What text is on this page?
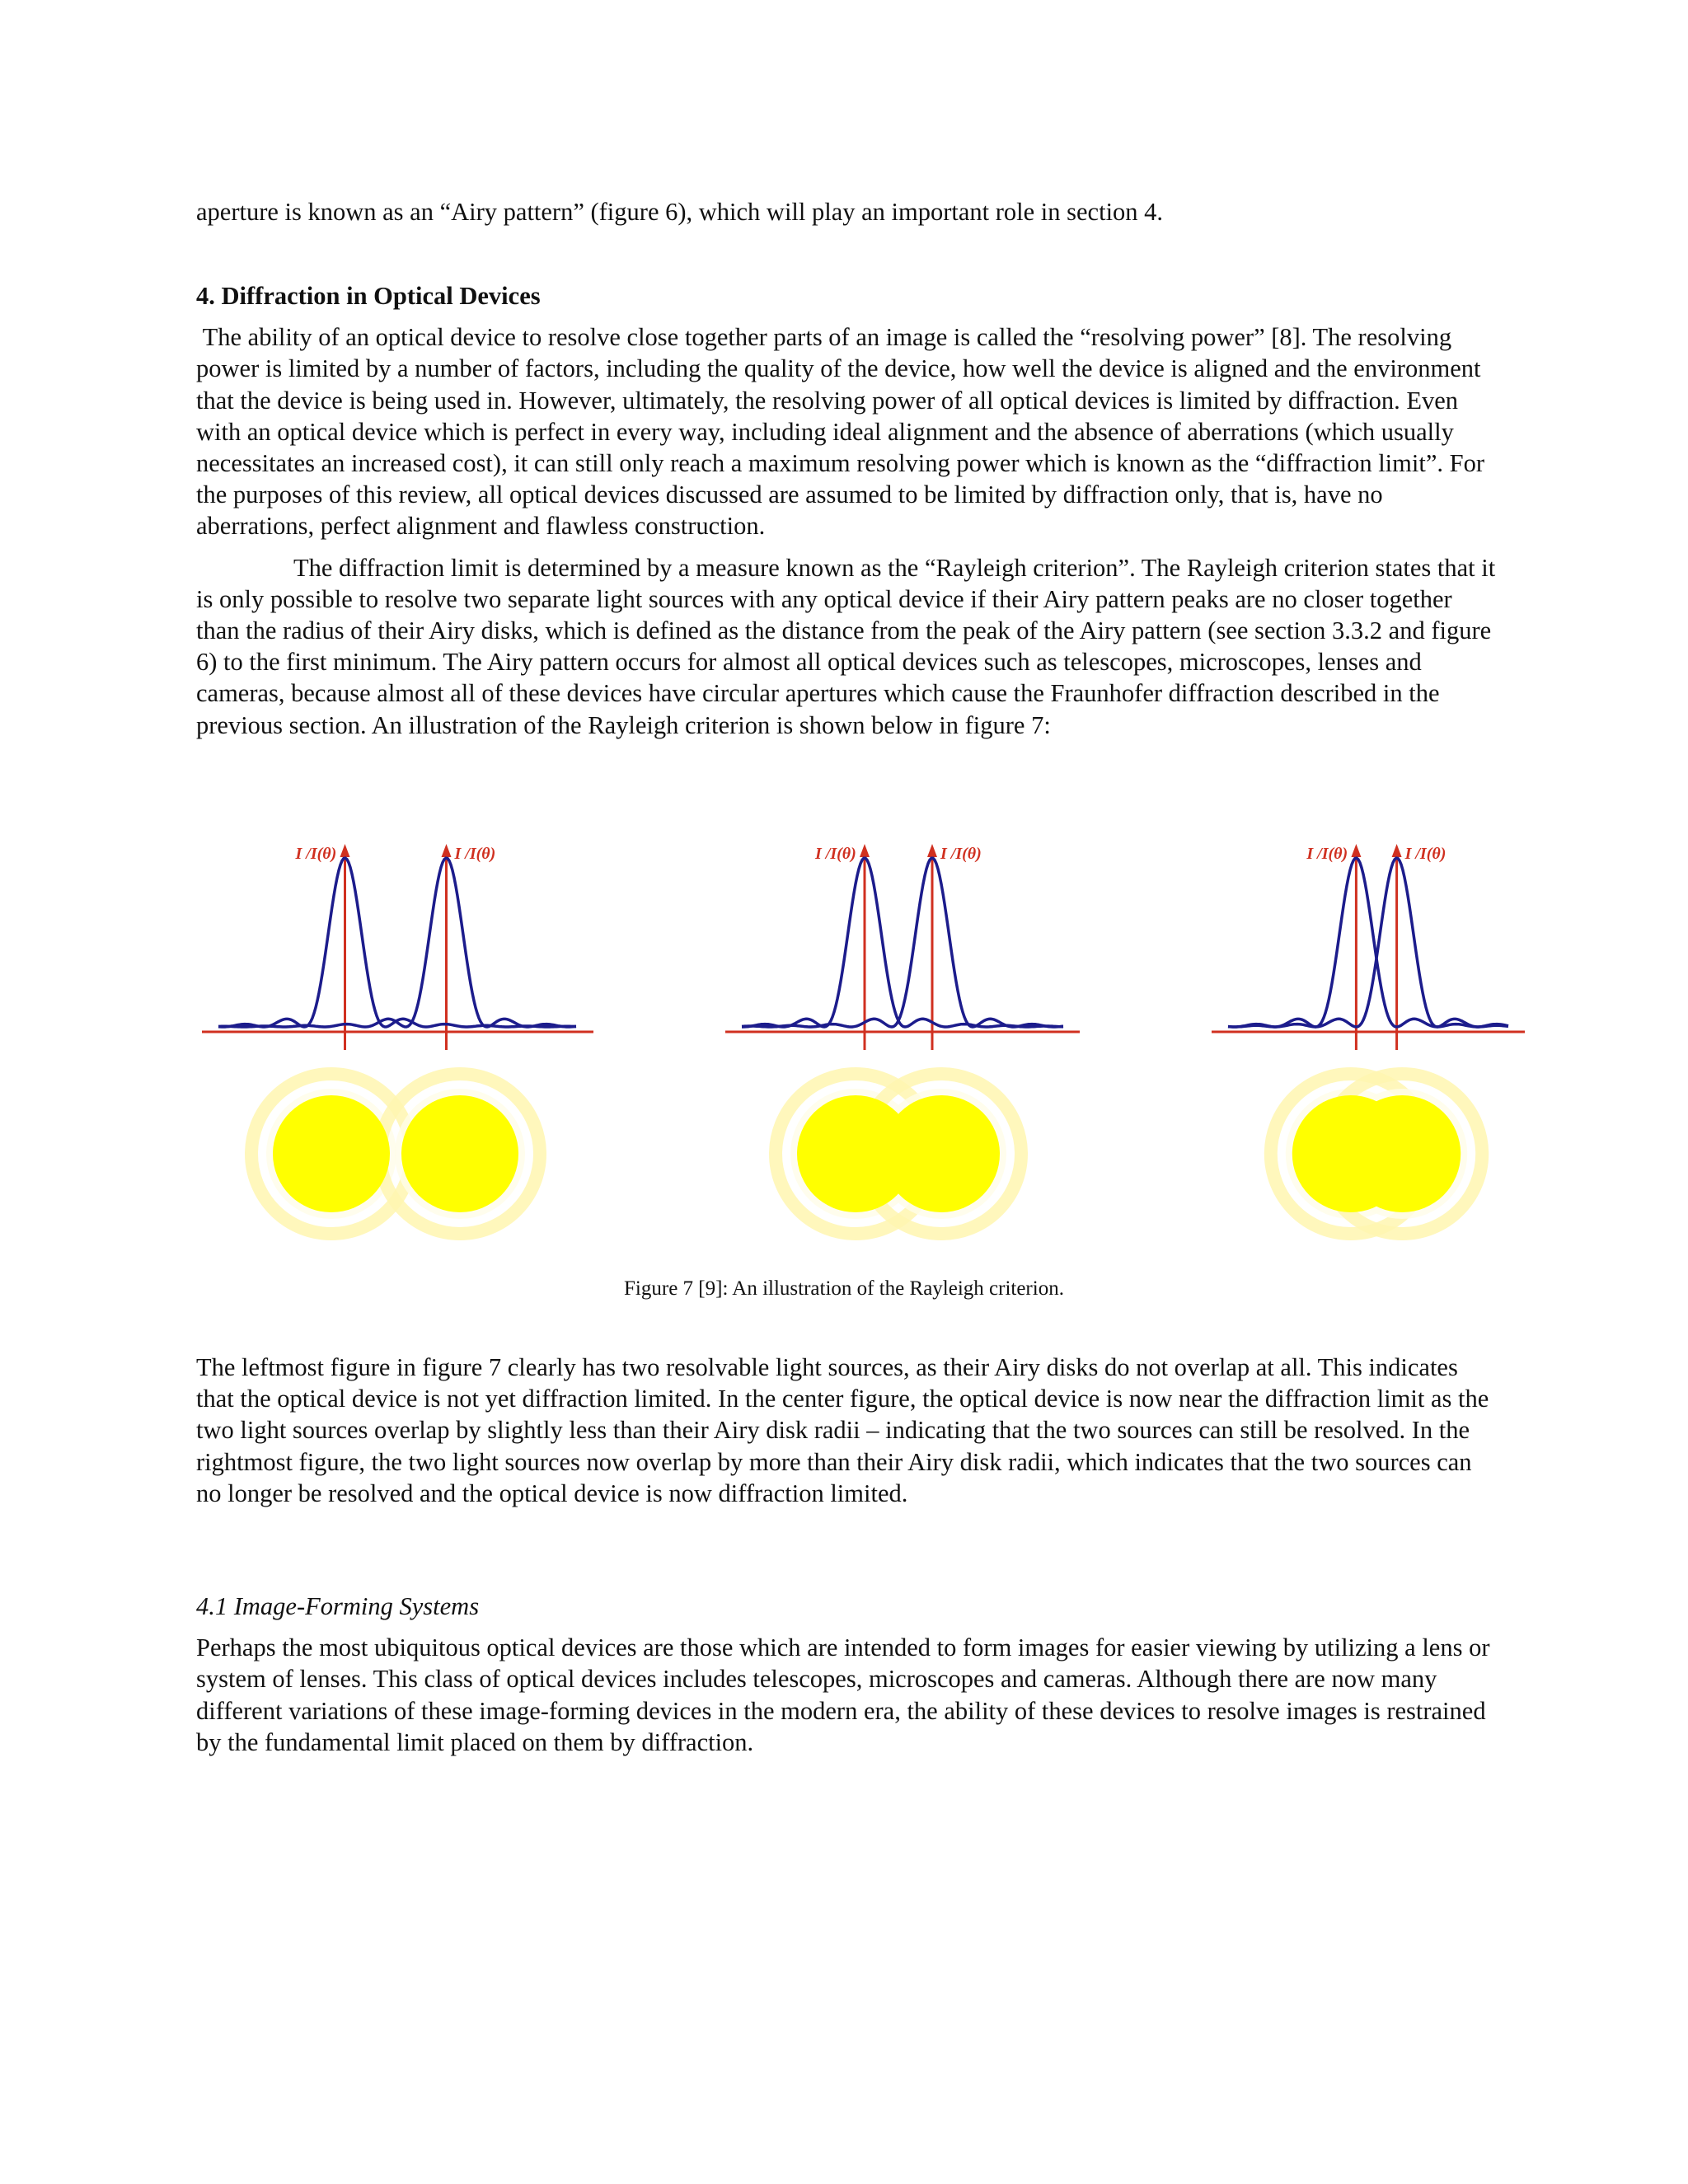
aperture is known as an “Airy pattern” (figure 6), which will play an important role in section 4.

4. Diffraction in Optical Devices

The ability of an optical device to resolve close together parts of an image is called the “resolving power” [8]. The resolving power is limited by a number of factors, including the quality of the device, how well the device is aligned and the environment that the device is being used in. However, ultimately, the resolving power of all optical devices is limited by diffraction. Even with an optical device which is perfect in every way, including ideal alignment and the absence of aberrations (which usually necessitates an increased cost), it can still only reach a maximum resolving power which is known as the “diffraction limit”. For the purposes of this review, all optical devices discussed are assumed to be limited by diffraction only, that is, have no aberrations, perfect alignment and flawless construction.

The diffraction limit is determined by a measure known as the “Rayleigh criterion”. The Rayleigh criterion states that it is only possible to resolve two separate light sources with any optical device if their Airy pattern peaks are no closer together than the radius of their Airy disks, which is defined as the distance from the peak of the Airy pattern (see section 3.3.2 and figure 6) to the first minimum. The Airy pattern occurs for almost all optical devices such as telescopes, microscopes, lenses and cameras, because almost all of these devices have circular apertures which cause the Fraunhofer diffraction described in the previous section. An illustration of the Rayleigh criterion is shown below in figure 7:

I /I(θ)	I /I(θ)	I /I(θ)	I /I(θ)	I /I(θ)	I /I(θ)
Figure 7 [9]: An illustration of the Rayleigh criterion.

The leftmost figure in figure 7 clearly has two resolvable light sources, as their Airy disks do not overlap at all. This indicates that the optical device is not yet diffraction limited. In the center figure, the optical device is now near the diffraction limit as the two light sources overlap by slightly less than their Airy disk radii – indicating that the two sources can still be resolved. In the rightmost figure, the two light sources now overlap by more than their Airy disk radii, which indicates that the two sources can no longer be resolved and the optical device is now diffraction limited.

4.1 Image-Forming Systems

Perhaps the most ubiquitous optical devices are those which are intended to form images for easier viewing by utilizing a lens or system of lenses. This class of optical devices includes telescopes, microscopes and cameras. Although there are now many different variations of these image-forming devices in the modern era, the ability of these devices to resolve images is restrained by the fundamental limit placed on them by diffraction.
